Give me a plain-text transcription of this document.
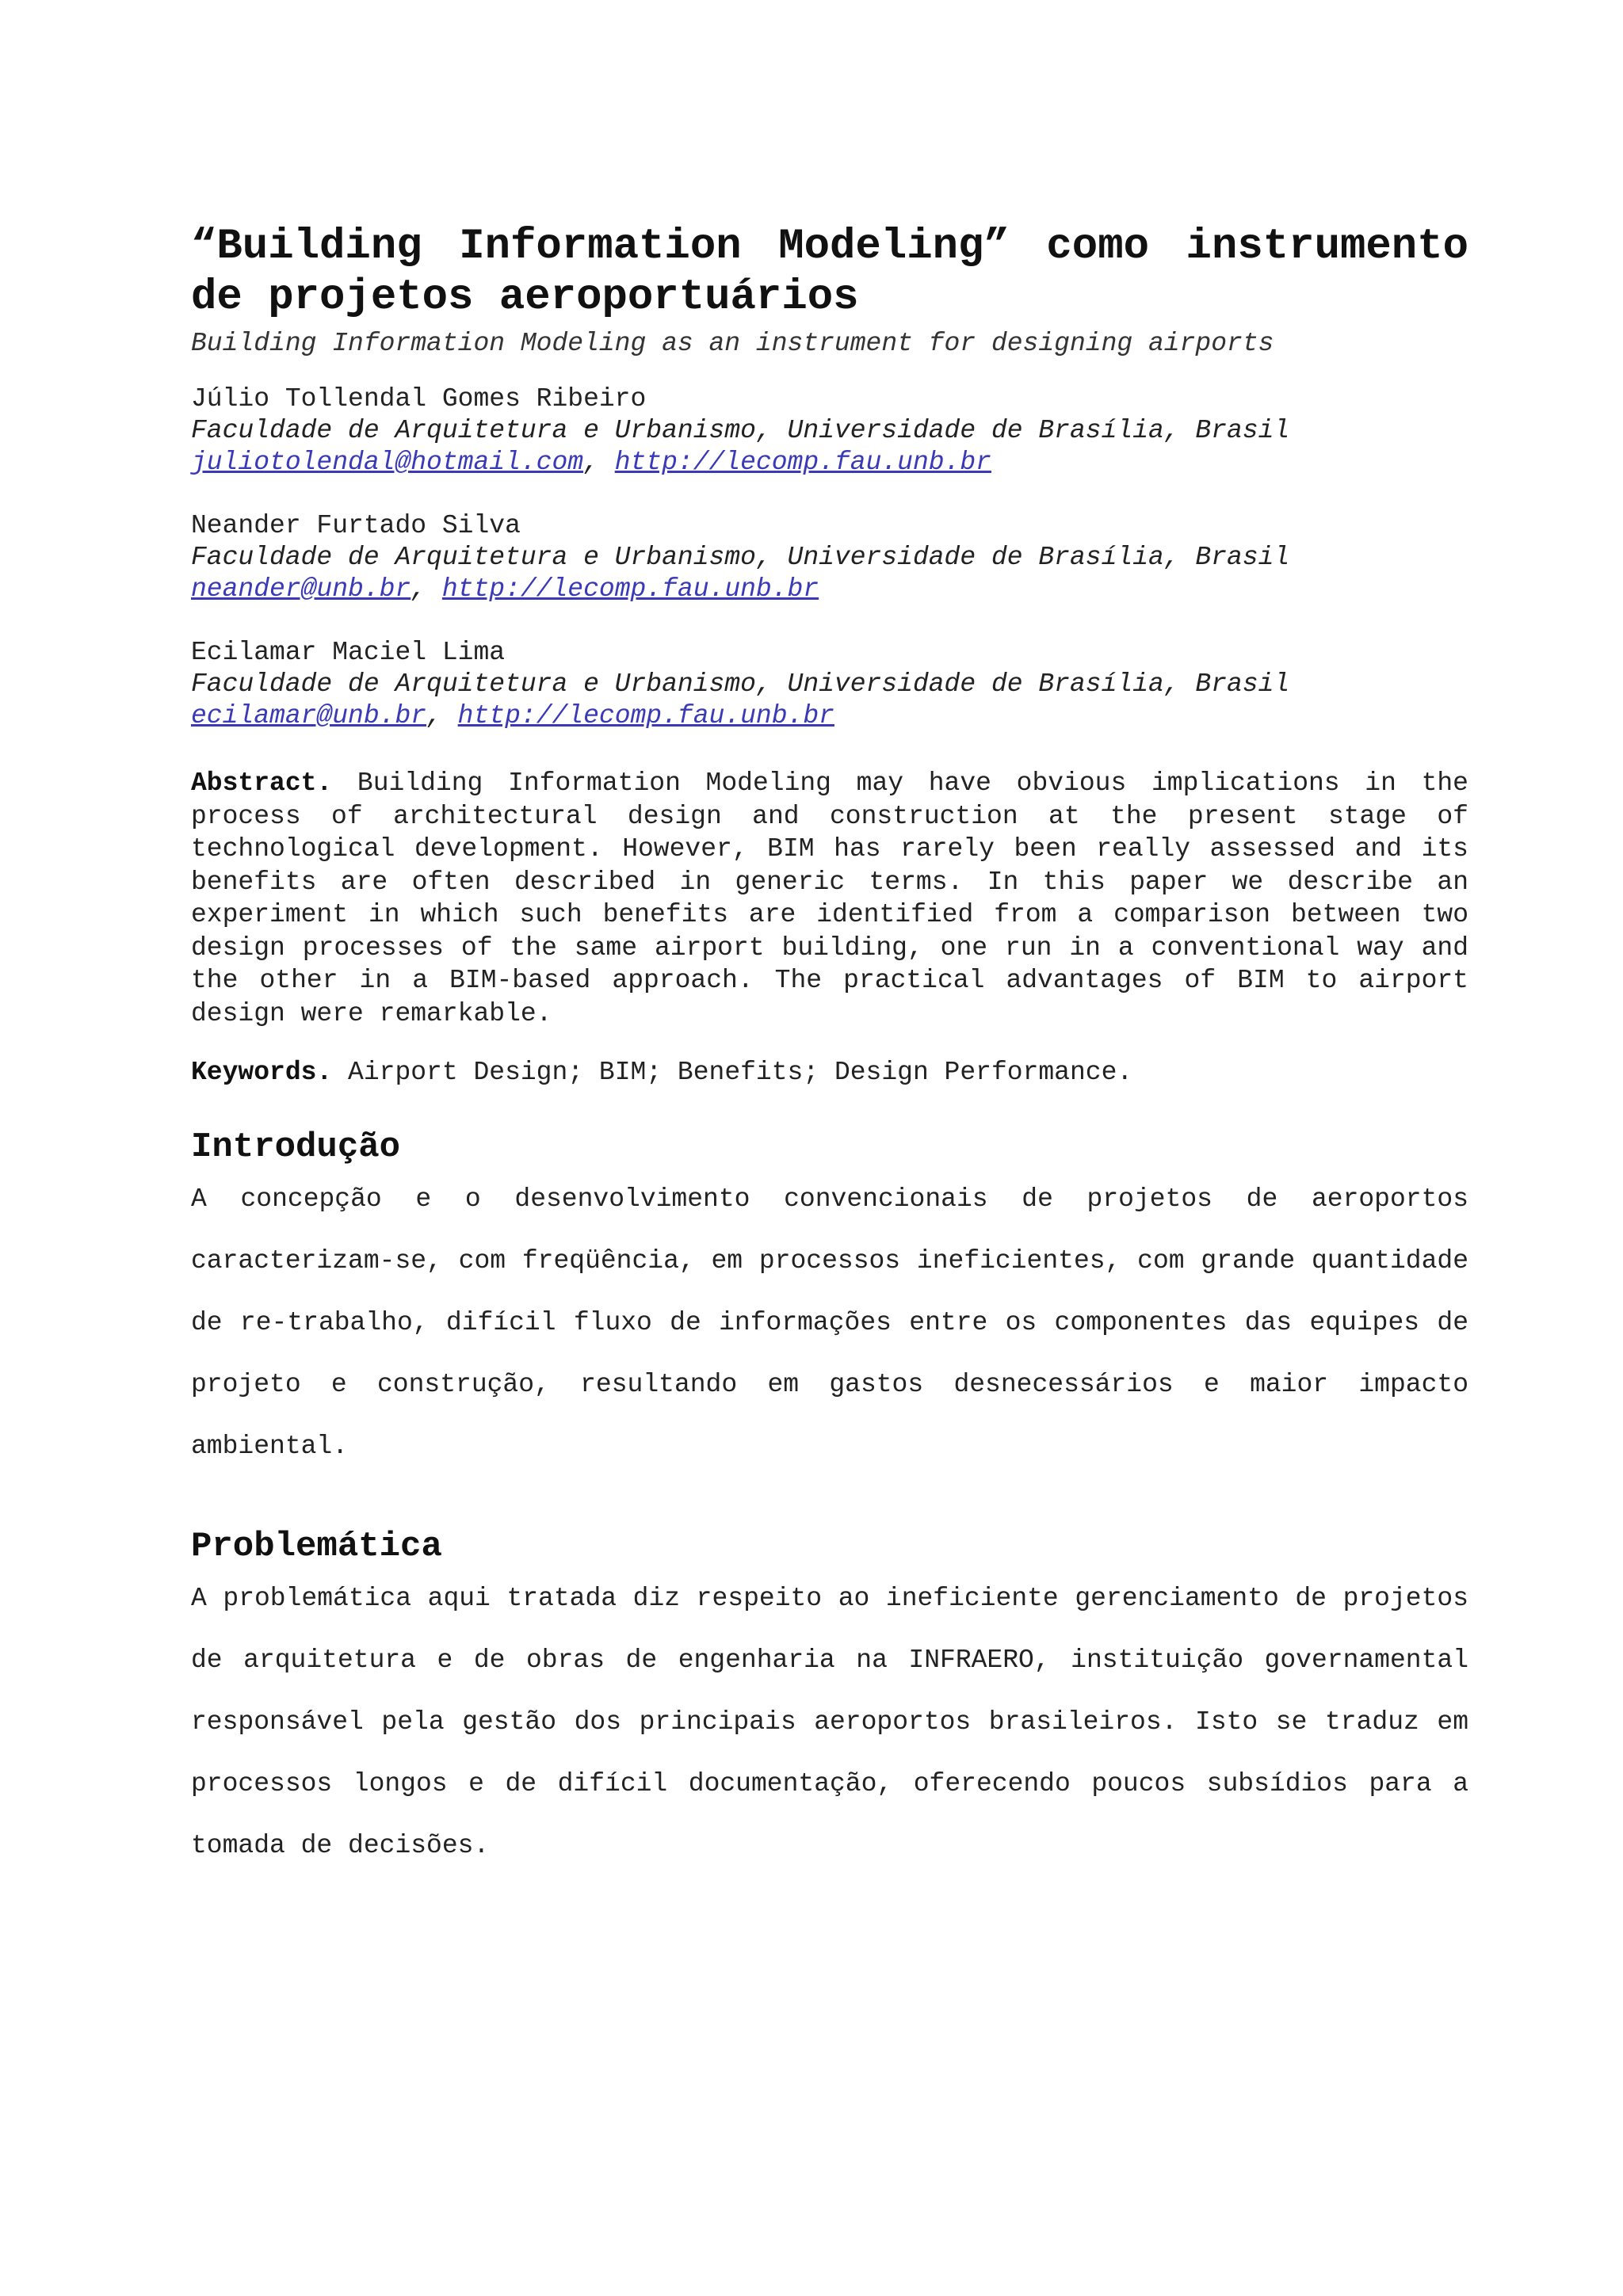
“Building Information Modeling” como instrumento de projetos aeroportuários

Building Information Modeling as an instrument for designing airports

Júlio Tollendal Gomes Ribeiro

Faculdade de Arquitetura e Urbanismo, Universidade de Brasília, Brasil

juliotolendal@hotmail.com, http://lecomp.fau.unb.br

Neander Furtado Silva

Faculdade de Arquitetura e Urbanismo, Universidade de Brasília, Brasil

neander@unb.br, http://lecomp.fau.unb.br

Ecilamar Maciel Lima

Faculdade de Arquitetura e Urbanismo, Universidade de Brasília, Brasil

ecilamar@unb.br, http://lecomp.fau.unb.br

Abstract. Building Information Modeling may have obvious implications in the process of architectural design and construction at the present stage of technological development. However, BIM has rarely been really assessed and its benefits are often described in generic terms. In this paper we describe an experiment in which such benefits are identified from a comparison between two design processes of the same airport building, one run in a conventional way and the other in a BIM-based approach. The practical advantages of BIM to airport design were remarkable.

Keywords. Airport Design; BIM; Benefits; Design Performance.

Introdução

A concepção e o desenvolvimento convencionais de projetos de aeroportos caracterizam-se, com freqüência, em processos ineficientes, com grande quantidade de re-trabalho, difícil fluxo de informações entre os componentes das equipes de projeto e construção, resultando em gastos desnecessários e maior impacto ambiental.

Problemática

A problemática aqui tratada diz respeito ao ineficiente gerenciamento de projetos de arquitetura e de obras de engenharia na INFRAERO, instituição governamental responsável pela gestão dos principais aeroportos brasileiros. Isto se traduz em processos longos e de difícil documentação, oferecendo poucos subsídios para a tomada de decisões.
